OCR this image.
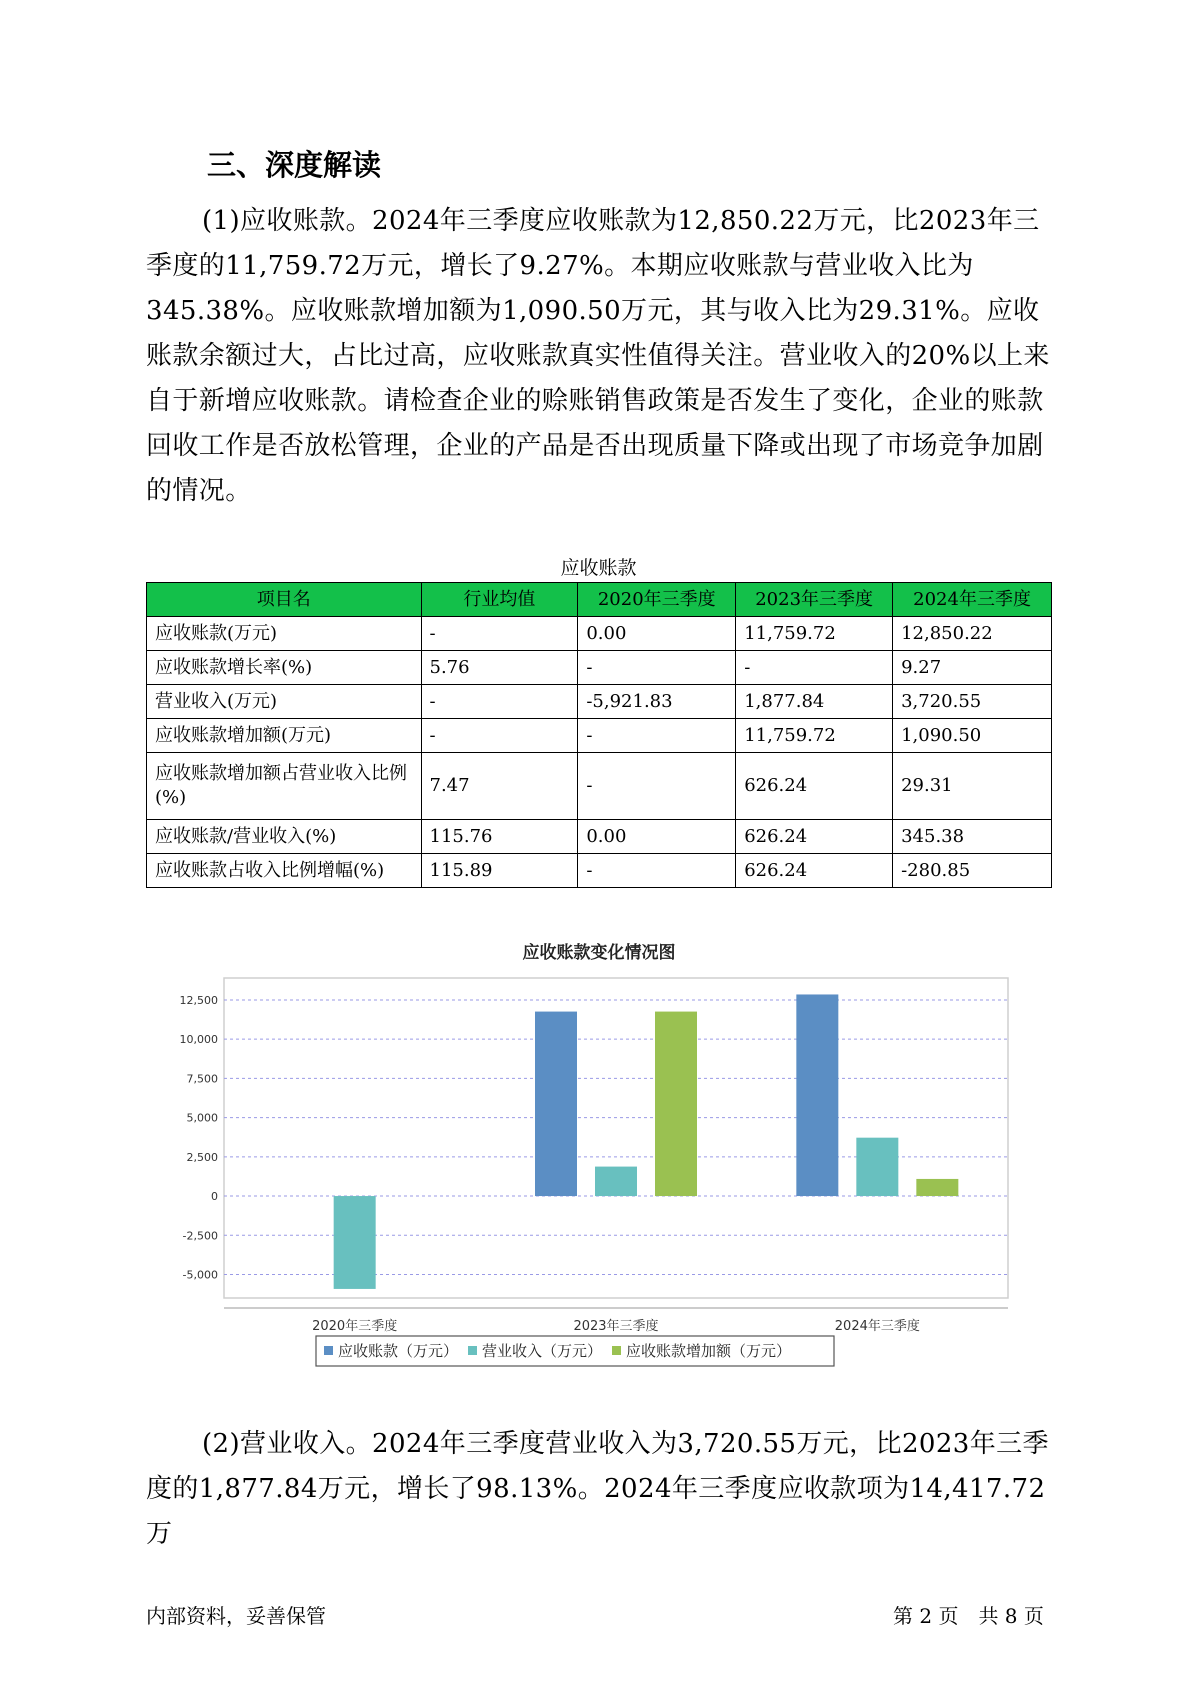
三、深度解读

(1)应收账款。2024年三季度应收账款为12,850.22万元，比2023年三季度的11,759.72万元，增长了9.27%。本期应收账款与营业收入比为345.38%。应收账款增加额为1,090.50万元，其与收入比为29.31%。应收账款余额过大，占比过高，应收账款真实性值得关注。营业收入的20%以上来自于新增应收账款。请检查企业的赊账销售政策是否发生了变化，企业的账款回收工作是否放松管理，企业的产品是否出现质量下降或出现了市场竞争加剧的情况。

应收账款
项目名	行业均值	2020年三季度	2023年三季度	2024年三季度
应收账款(万元)	-	0.00	11,759.72	12,850.22
应收账款增长率(%)	5.76	-	-	9.27
营业收入(万元)	-	-5,921.83	1,877.84	3,720.55
应收账款增加额(万元)	-	-	11,759.72	1,090.50
应收账款增加额占营业收入比例(%)	7.47	-	626.24	29.31
应收账款/营业收入(%)	115.76	0.00	626.24	345.38
应收账款占收入比例增幅(%)	115.89	-	626.24	-280.85
应收账款变化情况图
12,500
10,000
7,500
5,000
2,500
0
-2,500
-5,000
2020年三季度	2023年三季度	2024年三季度
应收账款（万元） 营业收入（万元） 应收账款增加额（万元）

(2)营业收入。2024年三季度营业收入为3,720.55万元，比2023年三季度的1,877.84万元，增长了98.13%。2024年三季度应收款项为14,417.72万

内部资料，妥善保管	第 2 页　共 8 页
